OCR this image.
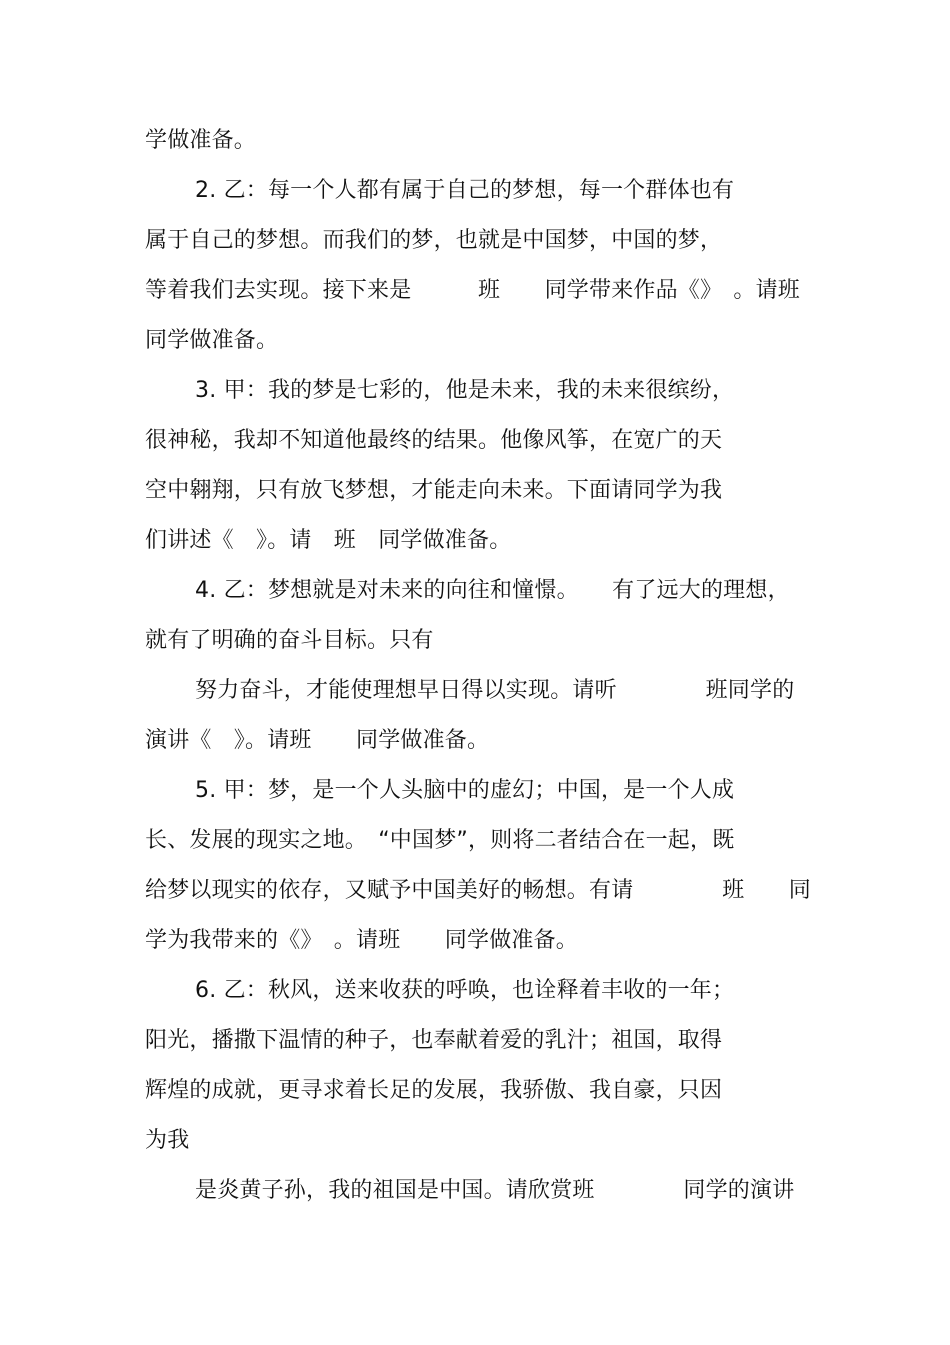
学做准备。
2. 乙：每一个人都有属于自己的梦想，每一个群体也有
属于自己的梦想。而我们的梦，也就是中国梦，中国的梦，
等着我们去实现。接下来是　　　班　　同学带来作品《》　。请班
同学做准备。
3. 甲：我的梦是七彩的，他是未来，我的未来很缤纷，
很神秘，我却不知道他最终的结果。他像风筝，在宽广的天
空中翱翔，只有放飞梦想，才能走向未来。下面请同学为我
们讲述《　》。请　班　同学做准备。
4. 乙：梦想就是对未来的向往和憧憬。　　有了远大的理想，
就有了明确的奋斗目标。只有
努力奋斗，才能使理想早日得以实现。请听　　　　班同学的
演讲《　》。请班　　同学做准备。
5. 甲：梦，是一个人头脑中的虚幻；中国，是一个人成
长、发展的现实之地。　“中国梦”，则将二者结合在一起，既
给梦以现实的依存，又赋予中国美好的畅想。有请　　　　班　　同
学为我带来的《》　。请班　　同学做准备。
6. 乙：秋风，送来收获的呼唤，也诠释着丰收的一年；
阳光，播撒下温情的种子，也奉献着爱的乳汁；祖国，取得
辉煌的成就，更寻求着长足的发展，我骄傲、我自豪，只因
为我
是炎黄子孙，我的祖国是中国。请欣赏班　　　　同学的演讲
